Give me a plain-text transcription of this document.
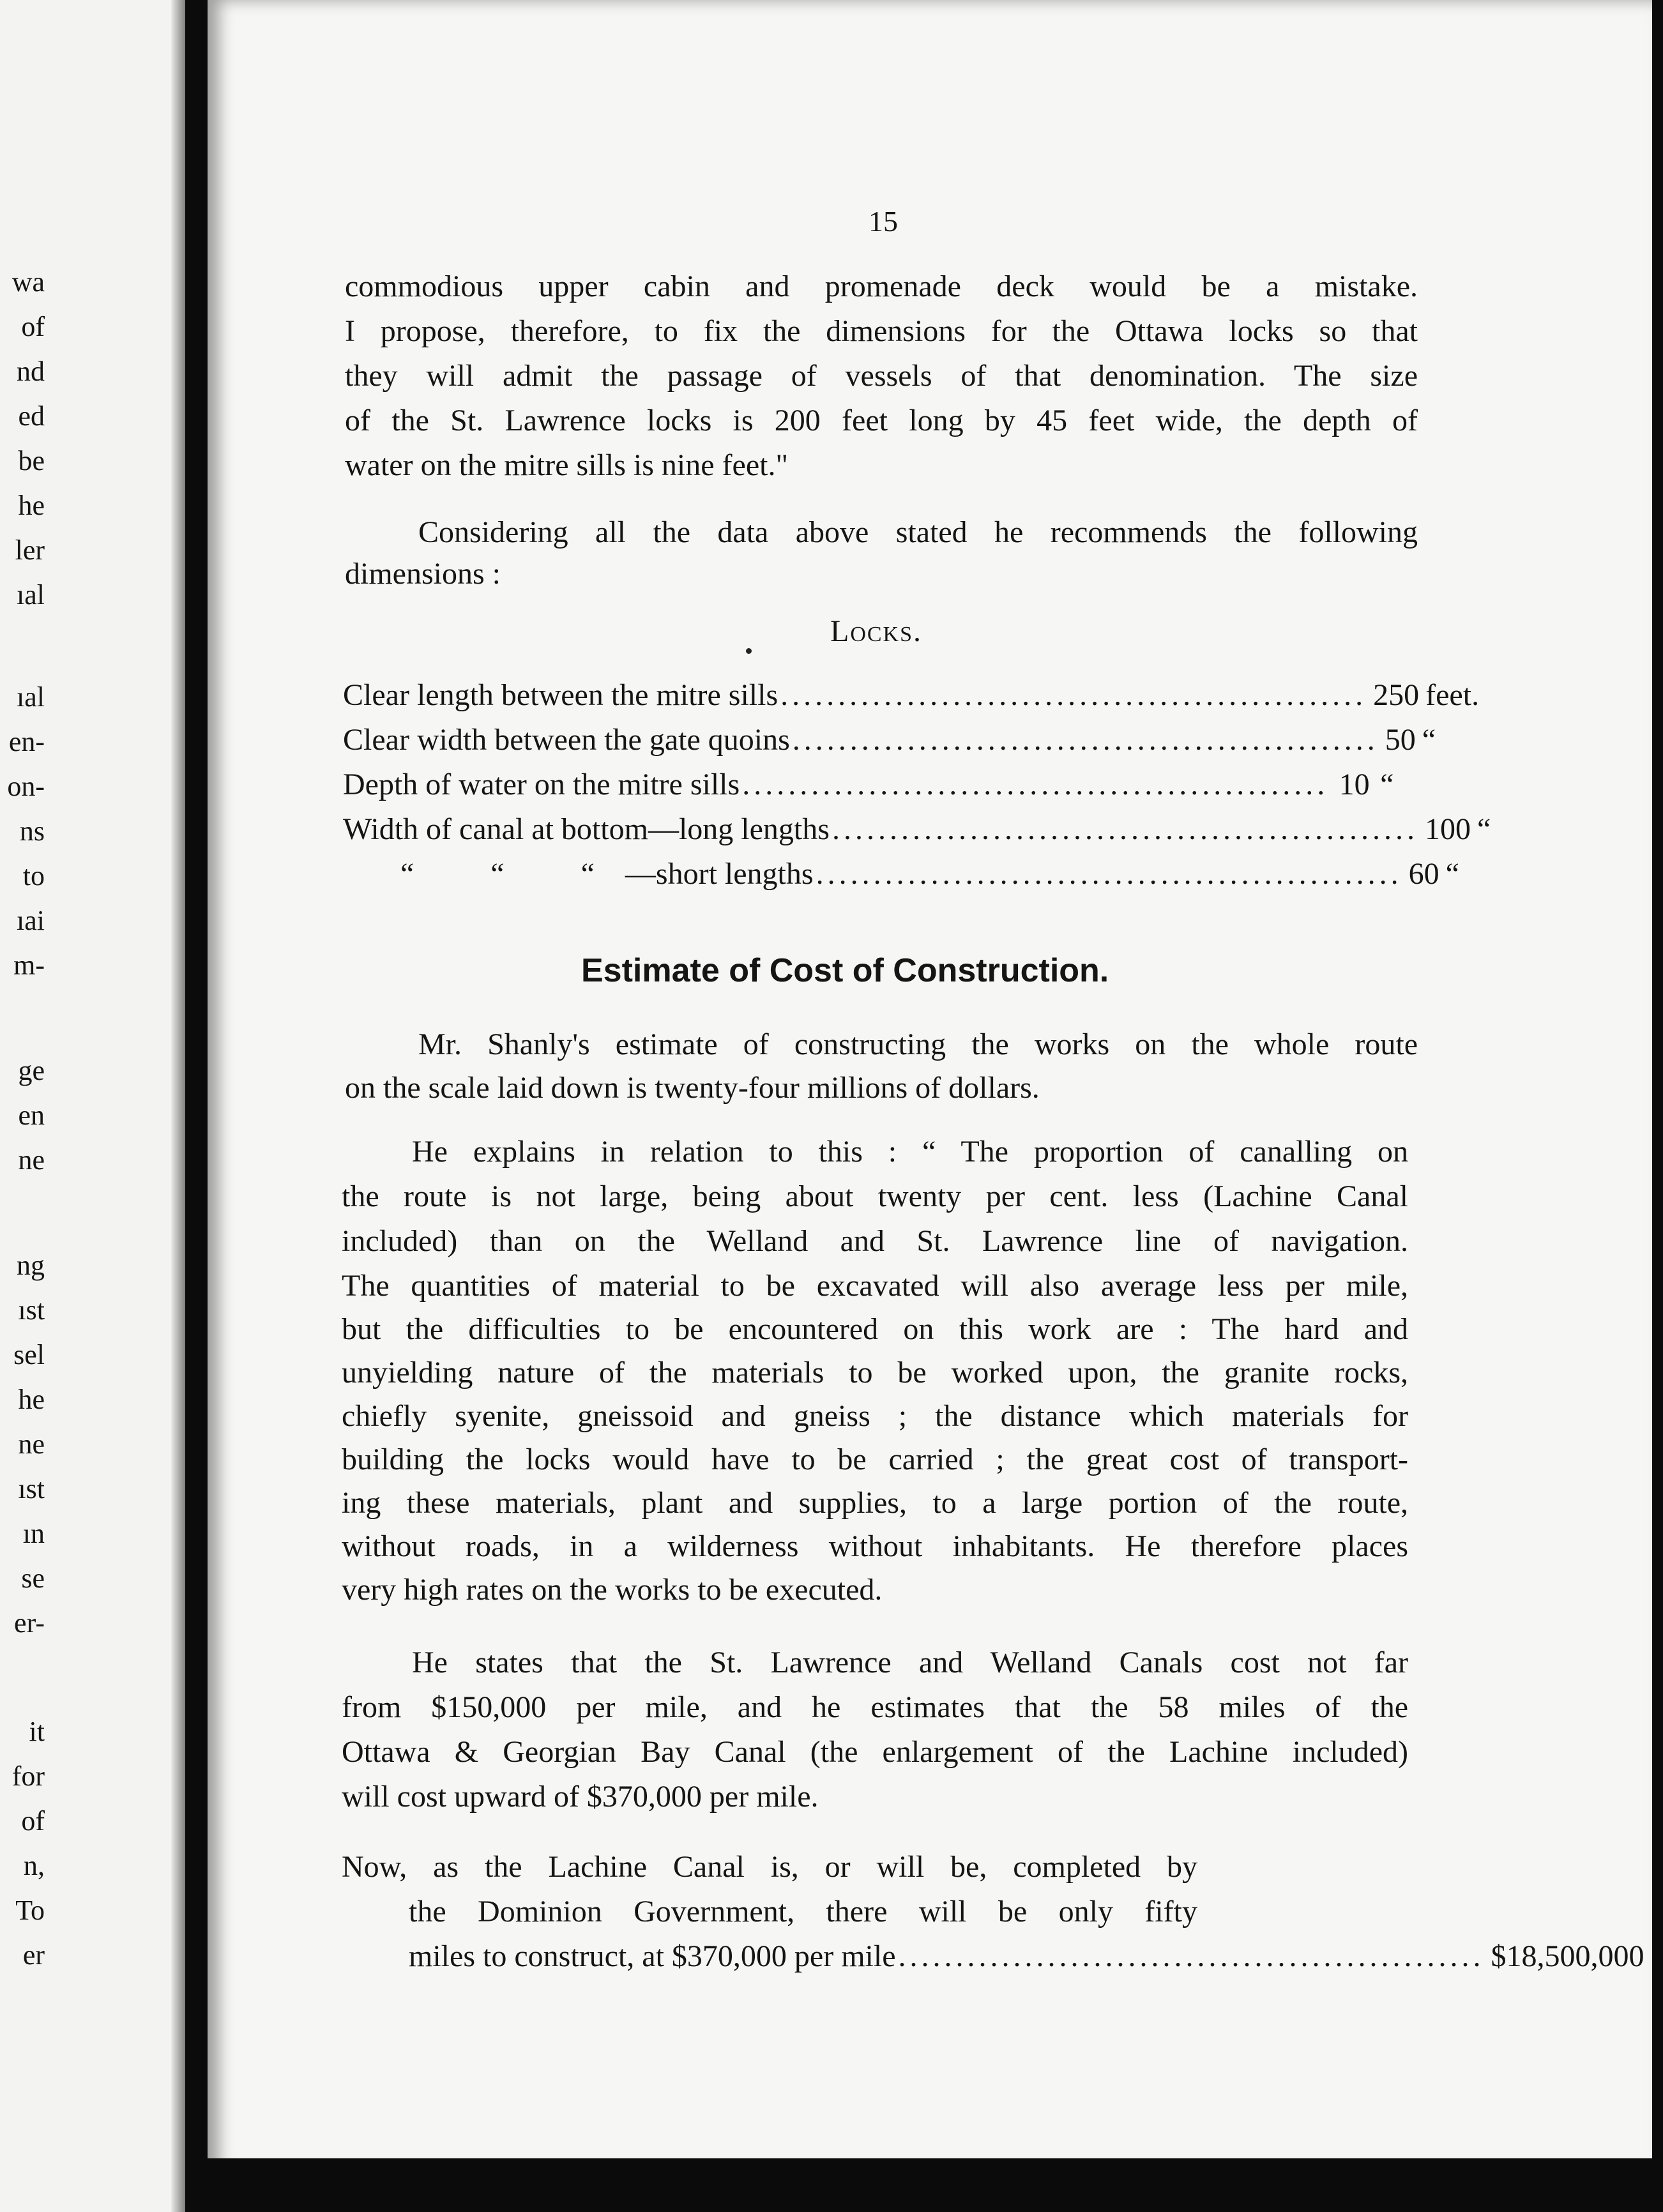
wa
of
nd
ed
be
he
ler
ıal
ıal
en-
on-
ns
to
ıai
m-
ge
en
ne
ng
ıst
sel
he
ne
ıst
ın
se
er-
it
for
of
n,
To
er
15
commodious upper cabin and promenade deck would be a mistake.
I propose, therefore, to fix the dimensions for the Ottawa locks so that
they will admit the passage of vessels of that denomination. The size
of the St. Lawrence locks is 200 feet long by 45 feet wide, the depth of
water on the mitre sills is nine feet."
Considering all the data above stated he recommends the following
dimensions :
Locks.
Clear length between the mitre sills ................................................... 250 feet.
Clear width between the gate quoins ................................................... 50 “
Depth of water on the mitre sills ................................................... 10 “
Width of canal at bottom—long lengths ................................................... 100 “
“          “          “    —short lengths ................................................... 60 “
Estimate of Cost of Construction.
Mr. Shanly's estimate of constructing the works on the whole route
on the scale laid down is twenty-four millions of dollars.
He explains in relation to this : “ The proportion of canalling on
the route is not large, being about twenty per cent. less (Lachine Canal
included) than on the Welland and St. Lawrence line of navigation.
The quantities of material to be excavated will also average less per mile,
but the difficulties to be encountered on this work are : The hard and
unyielding nature of the materials to be worked upon, the granite rocks,
chiefly syenite, gneissoid and gneiss ; the distance which materials for
building the locks would have to be carried ; the great cost of transport-
ing these materials, plant and supplies, to a large portion of the route,
without roads, in a wilderness without inhabitants. He therefore places
very high rates on the works to be executed.
He states that the St. Lawrence and Welland Canals cost not far
from $150,000 per mile, and he estimates that the 58 miles of the
Ottawa & Georgian Bay Canal (the enlargement of the Lachine included)
will cost upward of $370,000 per mile.
Now, as the Lachine Canal is, or will be, completed by
the Dominion Government, there will be only fifty
miles to construct, at $370,000 per mile ................................................... $18,500,000
